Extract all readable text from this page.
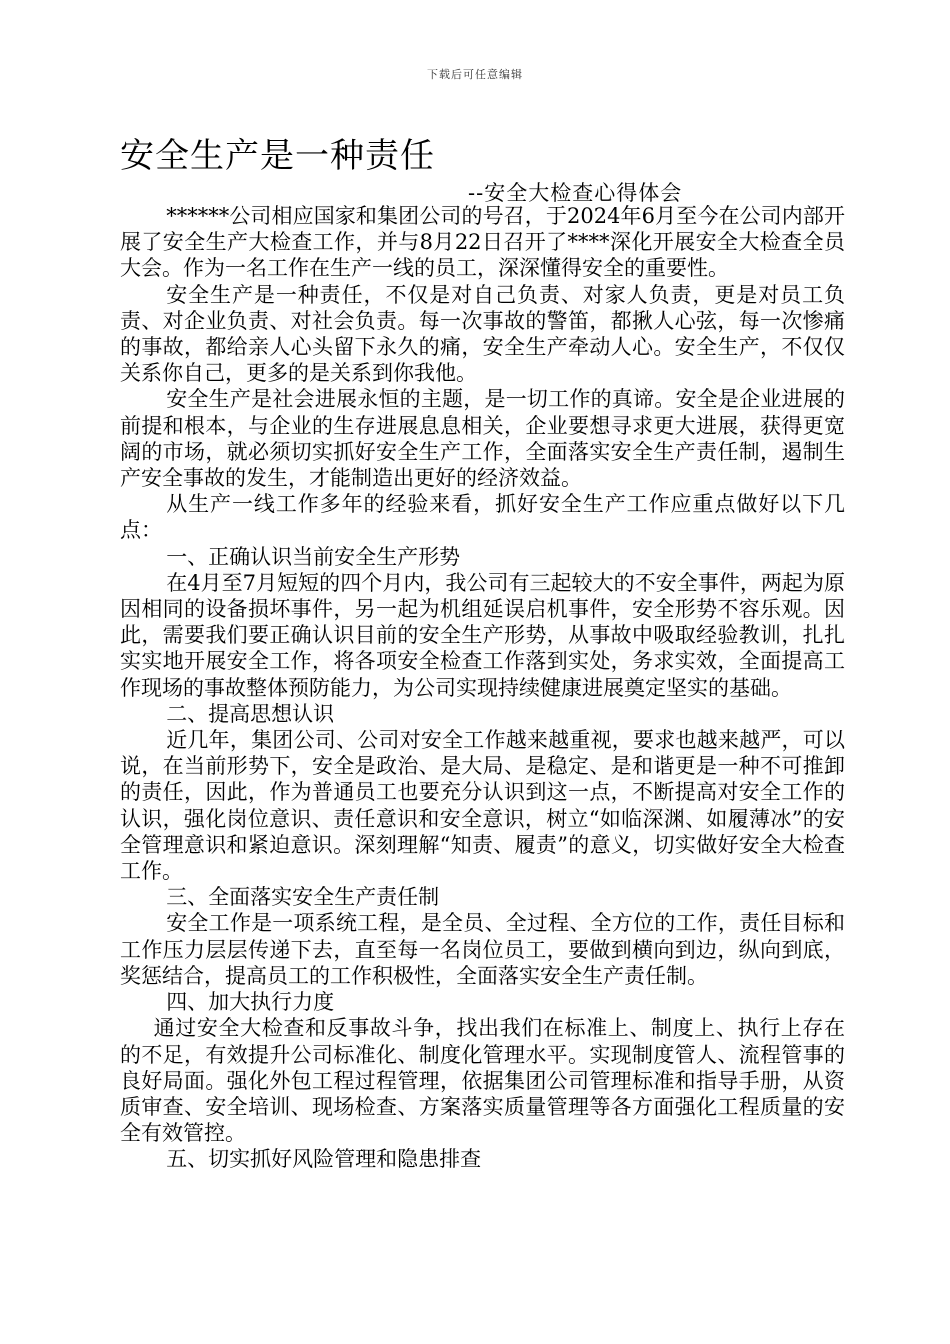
下载后可任意编辑
安全生产是一种责任
--安全大检查心得体会

******公司相应国家和集团公司的号召，于2024年6月至今在公司内部开展了安全生产大检查工作，并与8月22日召开了****深化开展安全大检查全员大会。作为一名工作在生产一线的员工，深深懂得安全的重要性。

安全生产是一种责任，不仅是对自己负责、对家人负责，更是对员工负责、对企业负责、对社会负责。每一次事故的警笛，都揪人心弦，每一次惨痛的事故，都给亲人心头留下永久的痛，安全生产牵动人心。安全生产，不仅仅关系你自己，更多的是关系到你我他。

安全生产是社会进展永恒的主题，是一切工作的真谛。安全是企业进展的前提和根本，与企业的生存进展息息相关，企业要想寻求更大进展，获得更宽阔的市场，就必须切实抓好安全生产工作，全面落实安全生产责任制，遏制生产安全事故的发生，才能制造出更好的经济效益。

从生产一线工作多年的经验来看，抓好安全生产工作应重点做好以下几点：

一、正确认识当前安全生产形势

在4月至7月短短的四个月内，我公司有三起较大的不安全事件，两起为原因相同的设备损坏事件，另一起为机组延误启机事件，安全形势不容乐观。因此，需要我们要正确认识目前的安全生产形势，从事故中吸取经验教训，扎扎实实地开展安全工作，将各项安全检查工作落到实处，务求实效，全面提高工作现场的事故整体预防能力，为公司实现持续健康进展奠定坚实的基础。

二、提高思想认识

近几年，集团公司、公司对安全工作越来越重视，要求也越来越严，可以说，在当前形势下，安全是政治、是大局、是稳定、是和谐更是一种不可推卸的责任，因此，作为普通员工也要充分认识到这一点，不断提高对安全工作的认识，强化岗位意识、责任意识和安全意识，树立“如临深渊、如履薄冰”的安全管理意识和紧迫意识。深刻理解“知责、履责”的意义，切实做好安全大检查工作。

三、全面落实安全生产责任制

安全工作是一项系统工程，是全员、全过程、全方位的工作，责任目标和工作压力层层传递下去，直至每一名岗位员工，要做到横向到边，纵向到底，奖惩结合，提高员工的工作积极性，全面落实安全生产责任制。

四、加大执行力度

通过安全大检查和反事故斗争，找出我们在标准上、制度上、执行上存在的不足，有效提升公司标准化、制度化管理水平。实现制度管人、流程管事的良好局面。强化外包工程过程管理，依据集团公司管理标准和指导手册，从资质审查、安全培训、现场检查、方案落实质量管理等各方面强化工程质量的安全有效管控。

五、切实抓好风险管理和隐患排查
